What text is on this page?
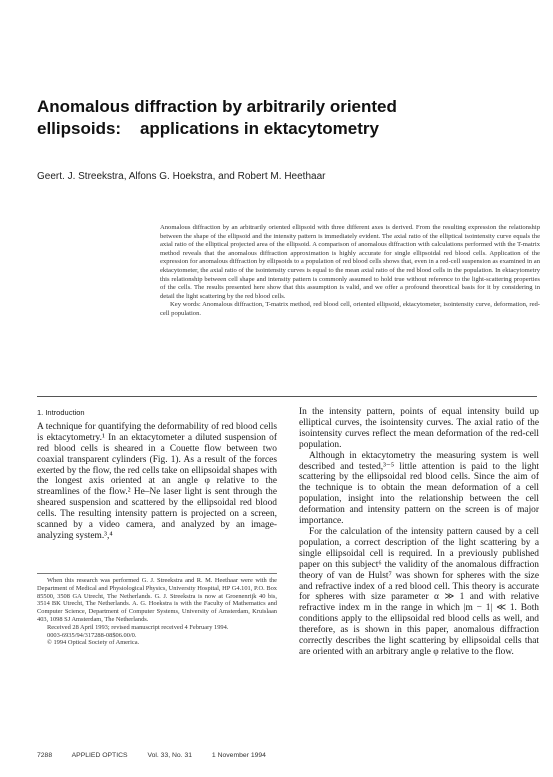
Anomalous diffraction by arbitrarily oriented
ellipsoids:    applications in ektacytometry
Geert. J. Streekstra, Alfons G. Hoekstra, and Robert M. Heethaar

Anomalous diffraction by an arbitrarily oriented ellipsoid with three different axes is derived. From the resulting expression the relationship between the shape of the ellipsoid and the intensity pattern is immediately evident. The axial ratio of the elliptical isointensity curve equals the axial ratio of the elliptical projected area of the ellipsoid. A comparison of anomalous diffraction with calculations performed with the T-matrix method reveals that the anomalous diffraction approximation is highly accurate for single ellipsoidal red blood cells. Application of the expression for anomalous diffraction by ellipsoids to a population of red blood cells shows that, even in a red-cell suspension as examined in an ektacytometer, the axial ratio of the isointensity curves is equal to the mean axial ratio of the red blood cells in the population. In ektacytometry this relationship between cell shape and intensity pattern is commonly assumed to hold true without reference to the light-scattering properties of the cells. The results presented here show that this assumption is valid, and we offer a profound theoretical basis for it by considering in detail the light scattering by the red blood cells.

Key words: Anomalous diffraction, T-matrix method, red blood cell, oriented ellipsoid, ektacytometer, isointensity curve, deformation, red-cell population.

1. Introduction

A technique for quantifying the deformability of red blood cells is ektacytometry.¹ In an ektacytometer a diluted suspension of red blood cells is sheared in a Couette flow between two coaxial transparent cylinders (Fig. 1). As a result of the forces exerted by the flow, the red cells take on ellipsoidal shapes with the longest axis oriented at an angle φ relative to the streamlines of the flow.² He–Ne laser light is sent through the sheared suspension and scattered by the ellipsoidal red blood cells. The resulting intensity pattern is projected on a screen, scanned by a video camera, and analyzed by an image-analyzing system.³,⁴

When this research was performed G. J. Streekstra and R. M. Heethaar were with the Department of Medical and Physiological Physics, University Hospital, HP G4.101, P.O. Box 85500, 3508 GA Utrecht, The Netherlands. G. J. Streekstra is now at Groenenrijk 40 bis, 3514 BK Utrecht, The Netherlands. A. G. Hoekstra is with the Faculty of Mathematics and Computer Science, Department of Computer Systems, University of Amsterdam, Kruislaan 403, 1098 SJ Amsterdam, The Netherlands.

Received 28 April 1993; revised manuscript received 4 February 1994.

0003-6935/94/317288-08$06.00/0.

© 1994 Optical Society of America.

In the intensity pattern, points of equal intensity build up elliptical curves, the isointensity curves. The axial ratio of the isointensity curves reflect the mean deformation of the red-cell population.

Although in ektacytometry the measuring system is well described and tested,³⁻⁵ little attention is paid to the light scattering by the ellipsoidal red blood cells. Since the aim of the technique is to obtain the mean deformation of a cell population, insight into the relationship between the cell deformation and intensity pattern on the screen is of major importance.

For the calculation of the intensity pattern caused by a cell population, a correct description of the light scattering by a single ellipsoidal cell is required. In a previously published paper on this subject⁶ the validity of the anomalous diffraction theory of van de Hulst⁷ was shown for spheres with the size and refractive index of a red blood cell. This theory is accurate for spheres with size parameter α ≫ 1 and with relative refractive index m in the range in which |m − 1| ≪ 1. Both conditions apply to the ellipsoidal red blood cells as well, and therefore, as is shown in this paper, anomalous diffraction correctly describes the light scattering by ellipsoidal cells that are oriented with an arbitrary angle φ relative to the flow.

7288	APPLIED OPTICS	Vol. 33, No. 31	1 November 1994
